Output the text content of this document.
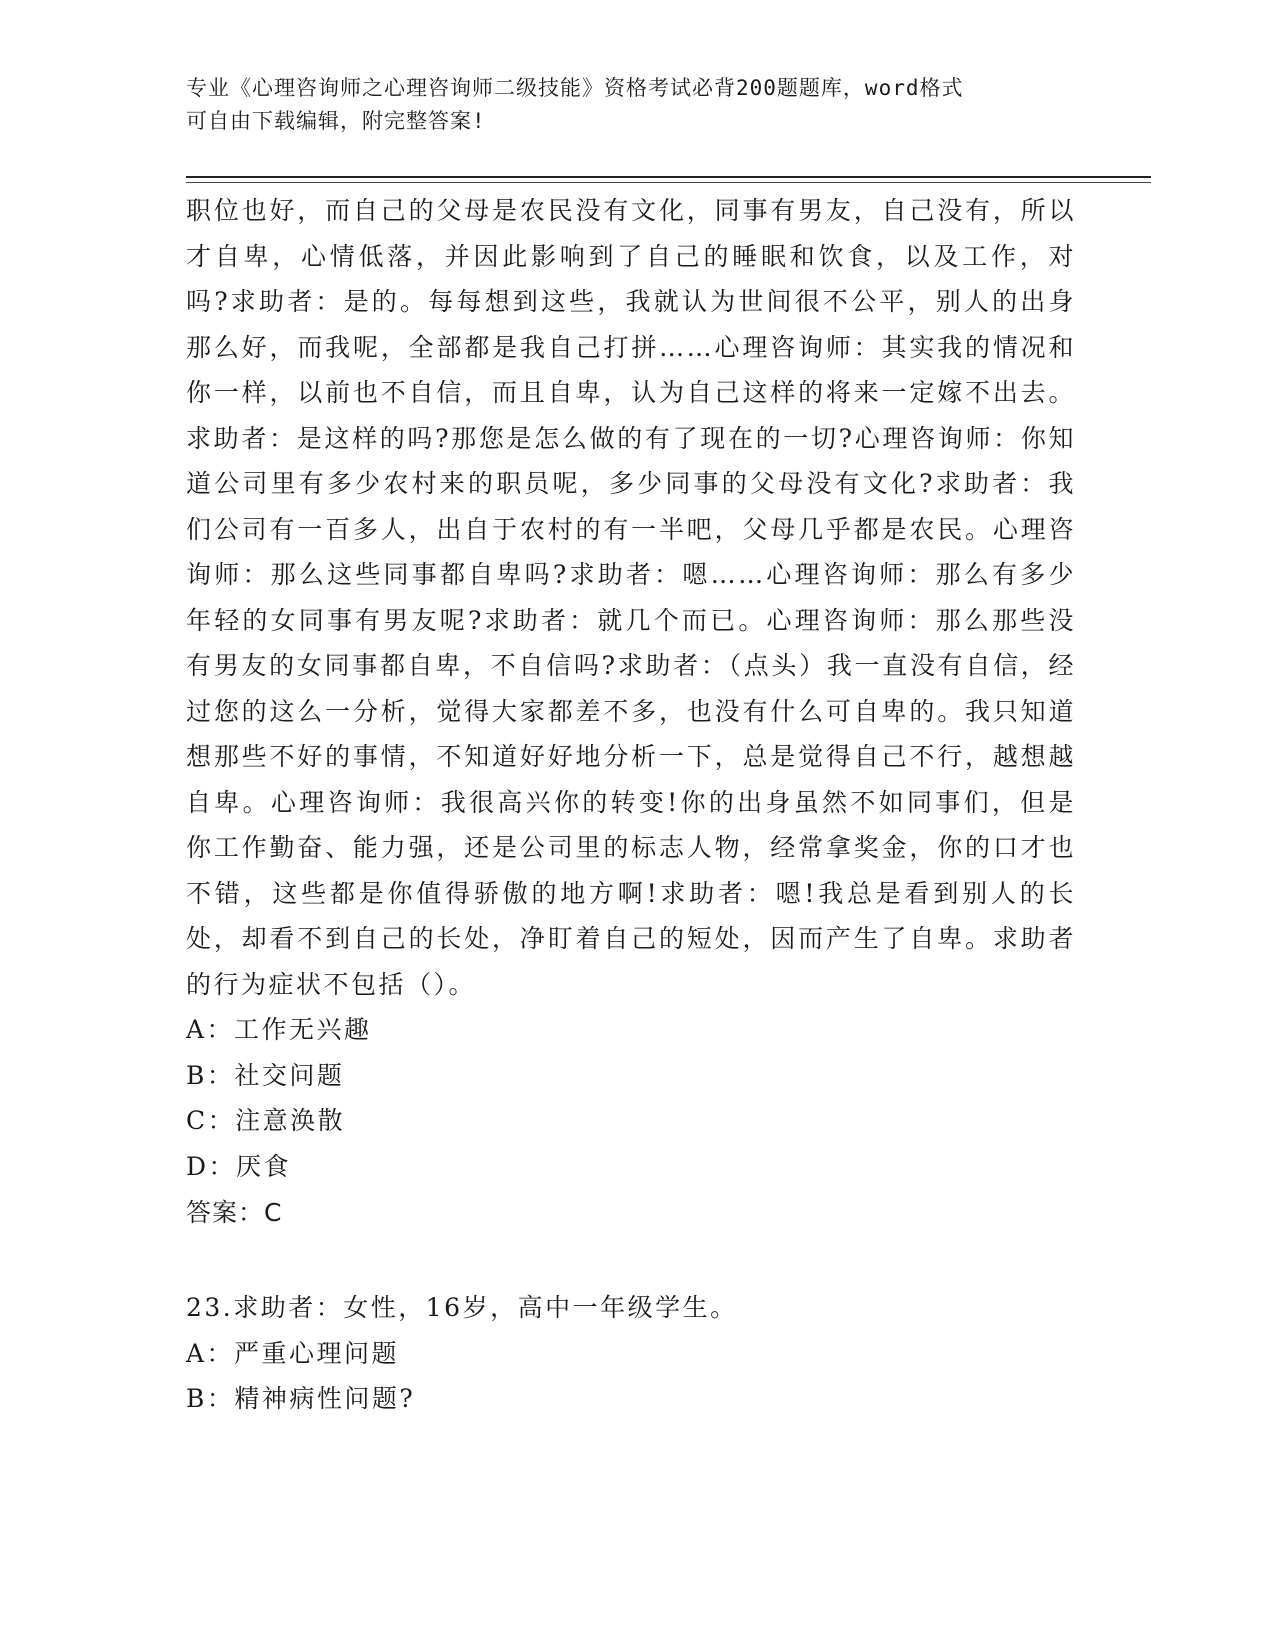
专业《心理咨询师之心理咨询师二级技能》资格考试必背200题题库，word格式
可自由下载编辑，附完整答案!

职位也好，而自己的父母是农民没有文化，同事有男友，自己没有，所以才自卑，心情低落，并因此影响到了自己的睡眠和饮食，以及工作，对吗?求助者：是的。每每想到这些，我就认为世间很不公平，别人的出身那么好，而我呢，全部都是我自己打拼……心理咨询师：其实我的情况和你一样，以前也不自信，而且自卑，认为自己这样的将来一定嫁不出去。求助者：是这样的吗?那您是怎么做的有了现在的一切?心理咨询师：你知道公司里有多少农村来的职员呢，多少同事的父母没有文化?求助者：我们公司有一百多人，出自于农村的有一半吧，父母几乎都是农民。心理咨询师：那么这些同事都自卑吗?求助者：嗯……心理咨询师：那么有多少年轻的女同事有男友呢?求助者：就几个而已。心理咨询师：那么那些没有男友的女同事都自卑，不自信吗?求助者：（点头）我一直没有自信，经过您的这么一分析，觉得大家都差不多，也没有什么可自卑的。我只知道想那些不好的事情，不知道好好地分析一下，总是觉得自己不行，越想越自卑。心理咨询师：我很高兴你的转变!你的出身虽然不如同事们，但是你工作勤奋、能力强，还是公司里的标志人物，经常拿奖金，你的口才也不错，这些都是你值得骄傲的地方啊!求助者：嗯!我总是看到别人的长处，却看不到自己的长处，净盯着自己的短处，因而产生了自卑。求助者的行为症状不包括（）。

A：工作无兴趣

B：社交问题

C：注意涣散

D：厌食

答案：C

23.求助者：女性，16岁，高中一年级学生。

A：严重心理问题

B：精神病性问题?
